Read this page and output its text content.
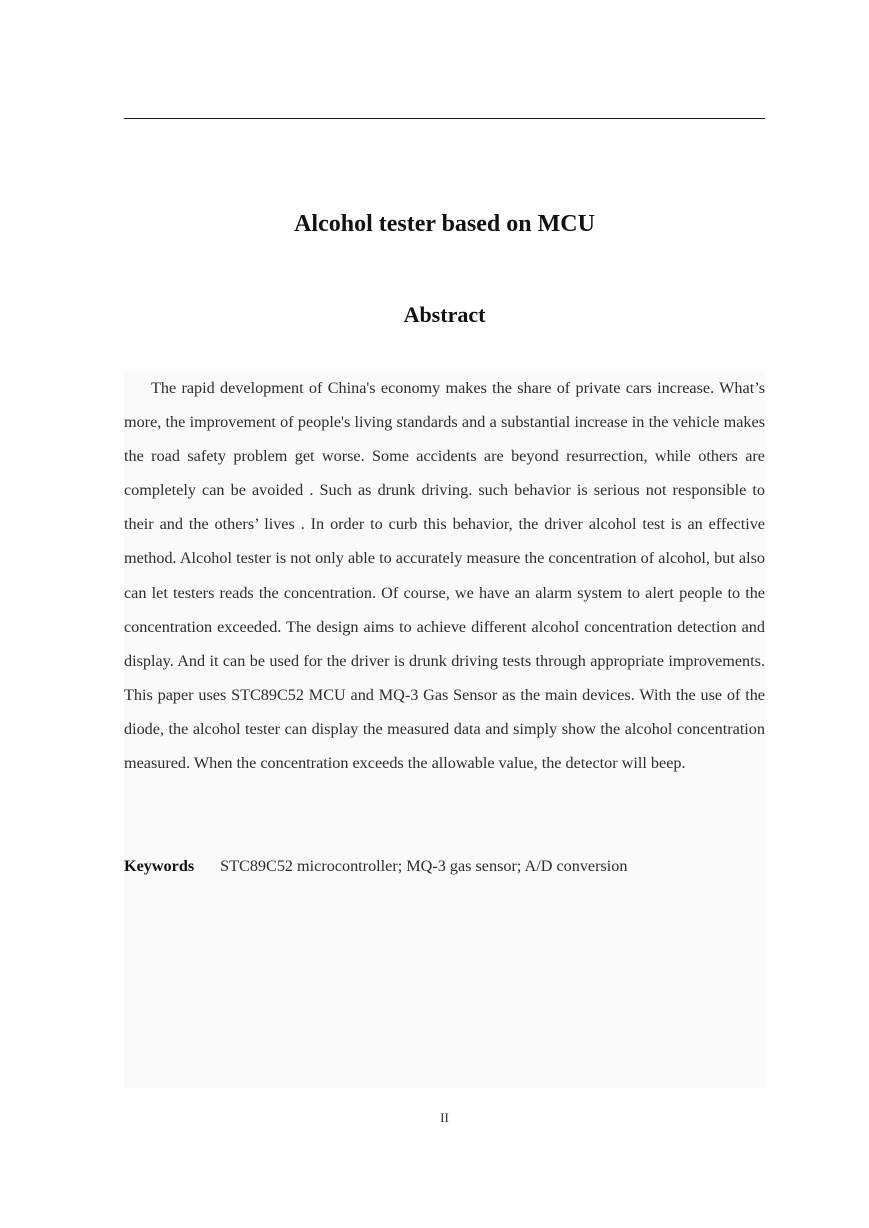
Alcohol tester based on MCU
Abstract

The rapid development of China's economy makes the share of private cars increase. What’s more, the improvement of people's living standards and a substantial increase in the vehicle makes the road safety problem get worse. Some accidents are beyond resurrection, while others are completely can be avoided . Such as drunk driving. such behavior is serious not responsible to their and the others’ lives . In order to curb this behavior, the driver alcohol test is an effective method. Alcohol tester is not only able to accurately measure the concentration of alcohol, but also can let testers reads the concentration. Of course, we have an alarm system to alert people to the concentration exceeded. The design aims to achieve different alcohol concentration detection and display. And it can be used for the driver is drunk driving tests through appropriate improvements. This paper uses STC89C52 MCU and MQ-3 Gas Sensor as the main devices. With the use of the diode, the alcohol tester can display the measured data and simply show the alcohol concentration measured. When the concentration exceeds the allowable value, the detector will beep.

Keywords STC89C52 microcontroller; MQ-3 gas sensor; A/D conversion
II
